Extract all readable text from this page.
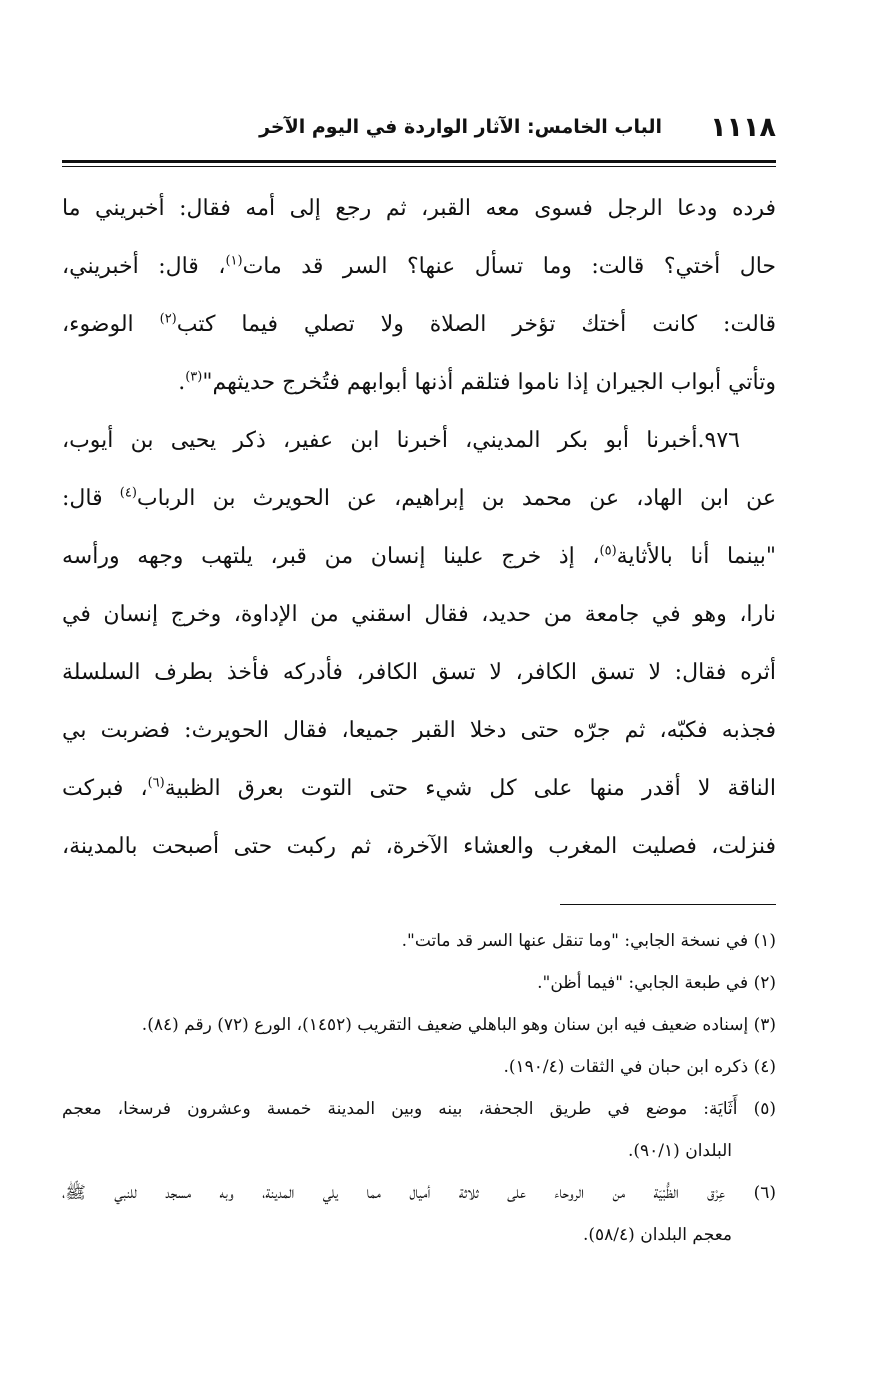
١١١٨
الباب الخامس: الآثار الواردة في اليوم الآخر
فرده ودعا الرجل فسوى معه القبر، ثم رجع إلى أمه فقال: أخبريني ما
حال أختي؟ قالت: وما تسأل عنها؟ السر قد مات$^{(١)}$، قال: أخبريني،
قالت: كانت أختك تؤخر الصلاة ولا تصلي فيما كتب$^{(٢)}$ الوضوء،
وتأتي أبواب الجيران إذا ناموا فتلقم أذنها أبوابهم فتُخرج حديثهم"$^{(٣)}$.
٩٧٦.أخبرنا أبو بكر المديني، أخبرنا ابن عفير، ذكر يحيى بن أيوب،
عن ابن الهاد، عن محمد بن إبراهيم، عن الحويرث بن الرباب$^{(٤)}$ قال:
"بينما أنا بالأثاية$^{(٥)}$، إذ خرج علينا إنسان من قبر، يلتهب وجهه ورأسه
نارا، وهو في جامعة من حديد، فقال اسقني من الإداوة، وخرج إنسان في
أثره فقال: لا تسق الكافر، لا تسق الكافر، فأدركه فأخذ بطرف السلسلة
فجذبه فكبّه، ثم جرّه حتى دخلا القبر جميعا، فقال الحويرث: فضربت بي
الناقة لا أقدر منها على كل شيء حتى التوت بعرق الظبية$^{(٦)}$، فبركت
فنزلت، فصليت المغرب والعشاء الآخرة، ثم ركبت حتى أصبحت بالمدينة،
(١) في نسخة الجابي: "وما تنقل عنها السر قد ماتت".
(٢) في طبعة الجابي: "فيما أظن".
(٣) إسناده ضعيف فيه ابن سنان وهو الباهلي ضعيف التقريب (١٤٥٢)، الورع (٧٢) رقم (٨٤).
(٤) ذكره ابن حبان في الثقات (١٩٠/٤).
(٥) أَثَايَة: موضع في طريق الجحفة، بينه وبين المدينة خمسة وعشرون فرسخا، معجم
البلدان (٩٠/١).
(٦) عِرْق الظُّبْيَة من الروحاء على ثلاثة أميال مما يلي المدينة، وبه مسجد للنبي ﷺ،
معجم البلدان (٥٨/٤).
